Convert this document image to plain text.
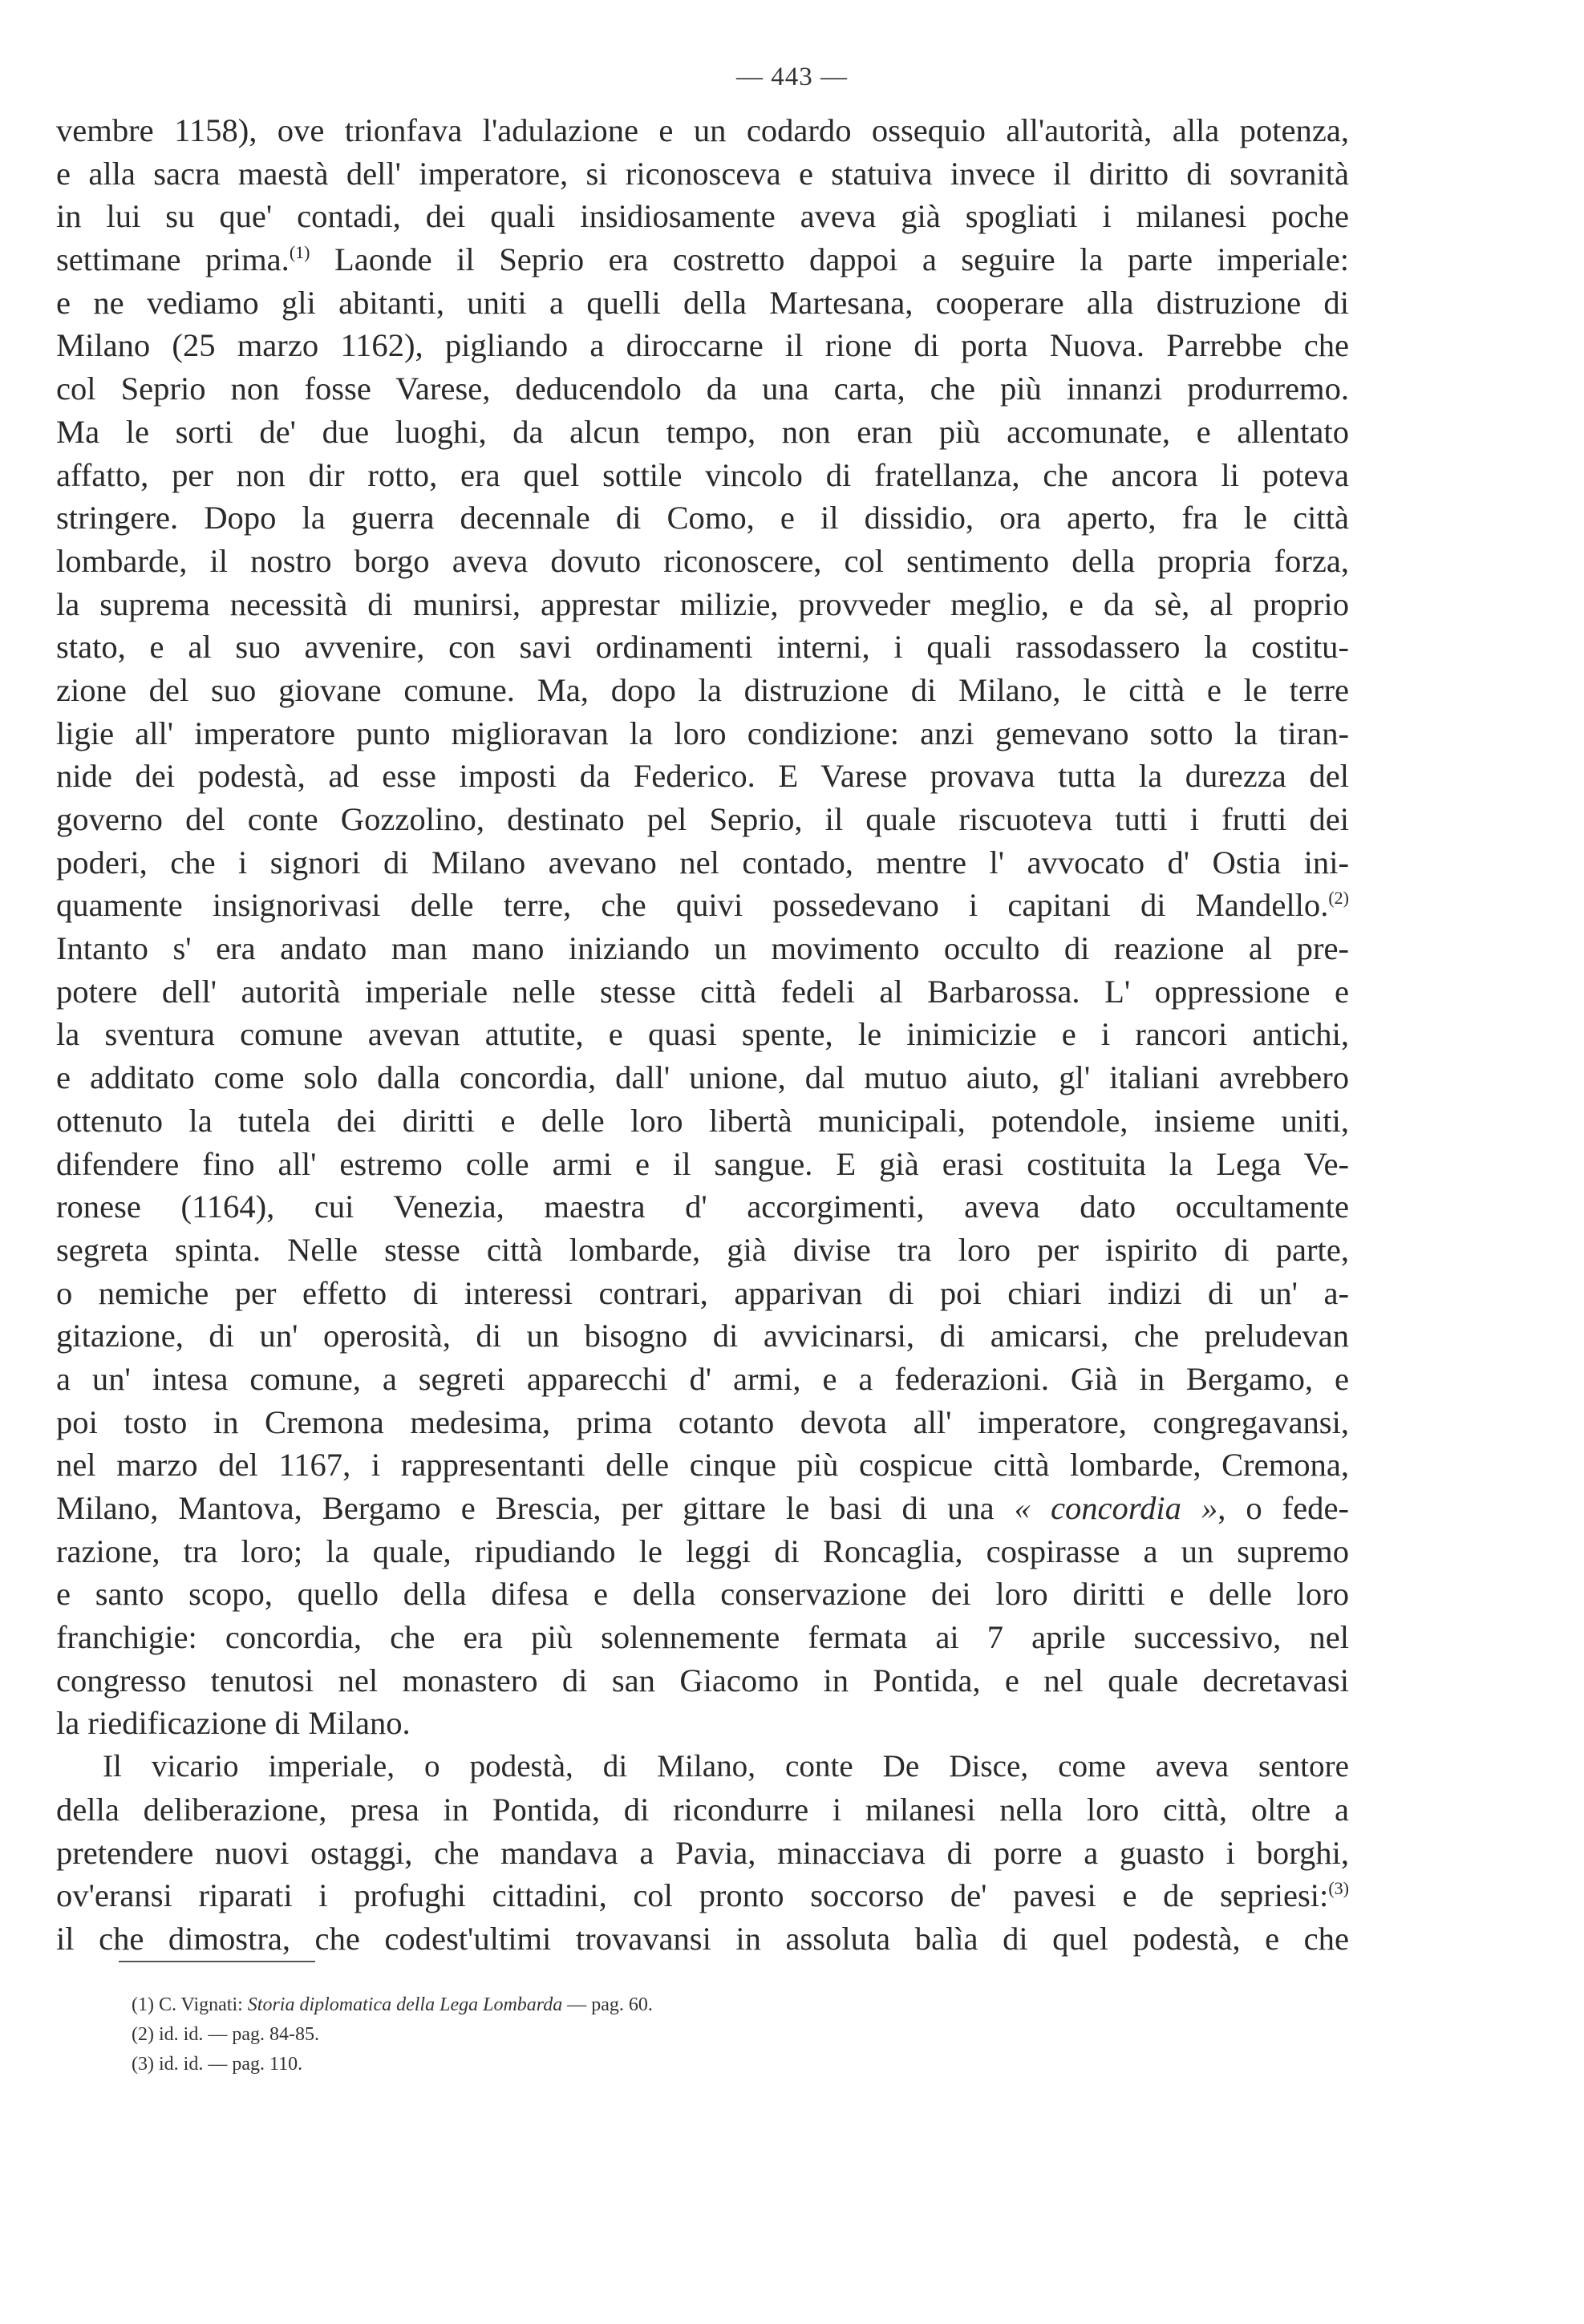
— 443 —
vembre 1158), ove trionfava l'adulazione e un codardo ossequio all'autorità, alla potenza,
e alla sacra maestà dell' imperatore, si riconosceva e statuiva invece il diritto di sovranità
in lui su que' contadi, dei quali insidiosamente aveva già spogliati i milanesi poche
settimane prima.$^{(1)}$ Laonde il Seprio era costretto dappoi a seguire la parte imperiale:
e ne vediamo gli abitanti, uniti a quelli della Martesana, cooperare alla distruzione di
Milano (25 marzo 1162), pigliando a diroccarne il rione di porta Nuova. Parrebbe che
col Seprio non fosse Varese, deducendolo da una carta, che più innanzi produrremo.
Ma le sorti de' due luoghi, da alcun tempo, non eran più accomunate, e allentato
affatto, per non dir rotto, era quel sottile vincolo di fratellanza, che ancora li poteva
stringere. Dopo la guerra decennale di Como, e il dissidio, ora aperto, fra le città
lombarde, il nostro borgo aveva dovuto riconoscere, col sentimento della propria forza,
la suprema necessità di munirsi, apprestar milizie, provveder meglio, e da sè, al proprio
stato, e al suo avvenire, con savi ordinamenti interni, i quali rassodassero la costitu-
zione del suo giovane comune. Ma, dopo la distruzione di Milano, le città e le terre
ligie all' imperatore punto miglioravan la loro condizione: anzi gemevano sotto la tiran-
nide dei podestà, ad esse imposti da Federico. E Varese provava tutta la durezza del
governo del conte Gozzolino, destinato pel Seprio, il quale riscuoteva tutti i frutti dei
poderi, che i signori di Milano avevano nel contado, mentre l' avvocato d' Ostia ini-
quamente insignorivasi delle terre, che quivi possedevano i capitani di Mandello.$^{(2)}$
Intanto s' era andato man mano iniziando un movimento occulto di reazione al pre-
potere dell' autorità imperiale nelle stesse città fedeli al Barbarossa. L' oppressione e
la sventura comune avevan attutite, e quasi spente, le inimicizie e i rancori antichi,
e additato come solo dalla concordia, dall' unione, dal mutuo aiuto, gl' italiani avrebbero
ottenuto la tutela dei diritti e delle loro libertà municipali, potendole, insieme uniti,
difendere fino all' estremo colle armi e il sangue. E già erasi costituita la Lega Ve-
ronese (1164), cui Venezia, maestra d' accorgimenti, aveva dato occultamente
segreta spinta. Nelle stesse città lombarde, già divise tra loro per ispirito di parte,
o nemiche per effetto di interessi contrari, apparivan di poi chiari indizi di un' a-
gitazione, di un' operosità, di un bisogno di avvicinarsi, di amicarsi, che preludevan
a un' intesa comune, a segreti apparecchi d' armi, e a federazioni. Già in Bergamo, e
poi tosto in Cremona medesima, prima cotanto devota all' imperatore, congregavansi,
nel marzo del 1167, i rappresentanti delle cinque più cospicue città lombarde, Cremona,
Milano, Mantova, Bergamo e Brescia, per gittare le basi di una « concordia », o fede-
razione, tra loro; la quale, ripudiando le leggi di Roncaglia, cospirasse a un supremo
e santo scopo, quello della difesa e della conservazione dei loro diritti e delle loro
franchigie: concordia, che era più solennemente fermata ai 7 aprile successivo, nel
congresso tenutosi nel monastero di san Giacomo in Pontida, e nel quale decretavasi
la riedificazione di Milano.
Il vicario imperiale, o podestà, di Milano, conte De Disce, come aveva sentore
della deliberazione, presa in Pontida, di ricondurre i milanesi nella loro città, oltre a
pretendere nuovi ostaggi, che mandava a Pavia, minacciava di porre a guasto i borghi,
ov'eransi riparati i profughi cittadini, col pronto soccorso de' pavesi e de sepriesi:$^{(3)}$
il che dimostra, che codest'ultimi trovavansi in assoluta balìa di quel podestà, e che
(1) C. Vignati: Storia diplomatica della Lega Lombarda — pag. 60.
(2) id. id. — pag. 84-85.
(3) id. id. — pag. 110.
